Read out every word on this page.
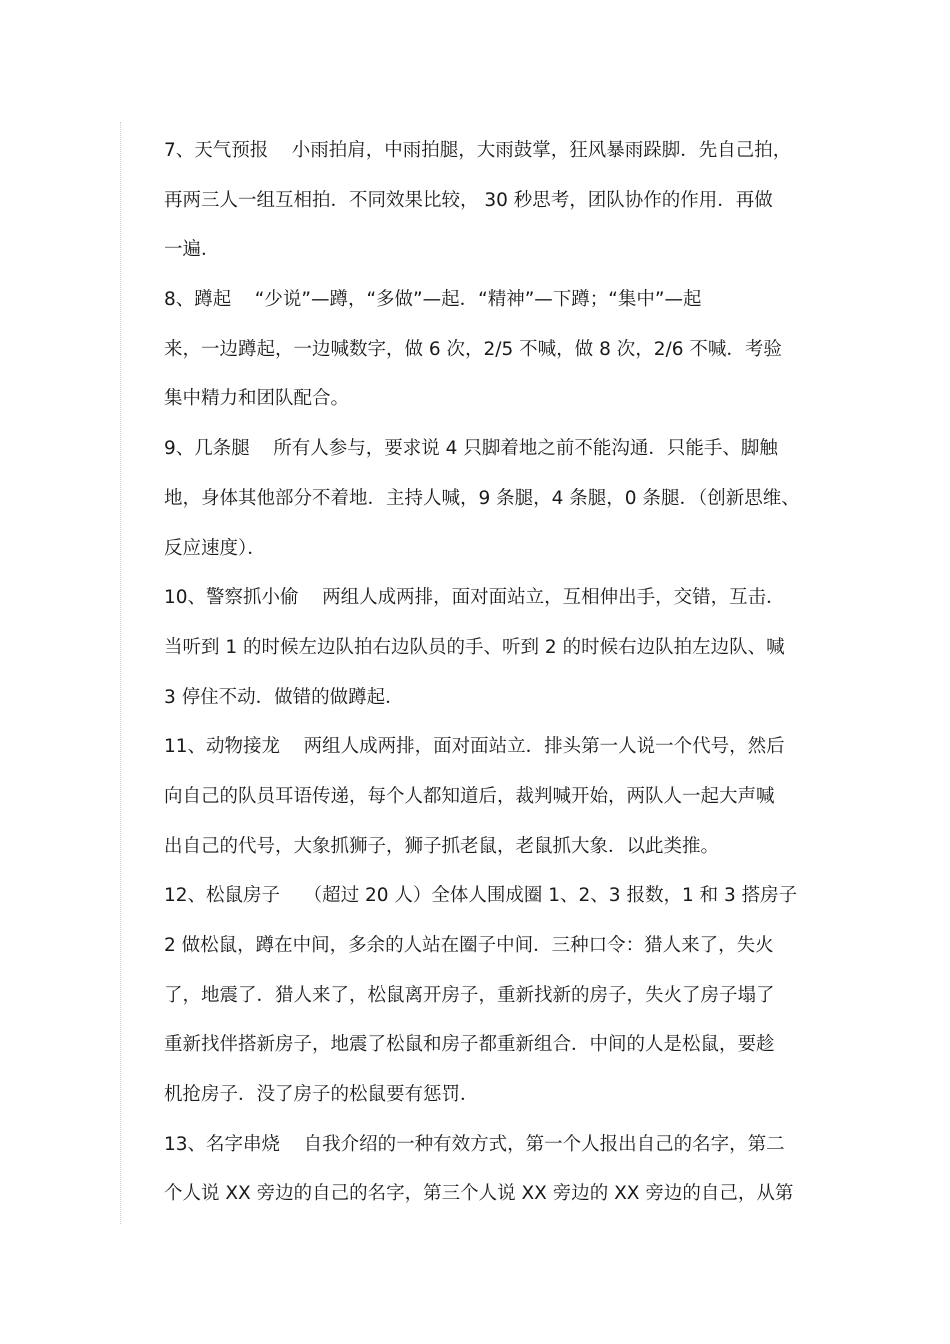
7、天气预报    小雨拍肩，中雨拍腿，大雨鼓掌，狂风暴雨跺脚．先自己拍，
再两三人一组互相拍．不同效果比较， 30 秒思考，团队协作的作用．再做
一遍．
8、蹲起    “少说”—蹲，“多做”—起．“精神”—下蹲；“集中”—起
来，一边蹲起，一边喊数字，做 6 次，2/5 不喊，做 8 次，2/6 不喊．考验
集中精力和团队配合。
9、几条腿    所有人参与，要求说 4 只脚着地之前不能沟通．只能手、脚触
地，身体其他部分不着地．主持人喊，9 条腿，4 条腿，0 条腿．（创新思维、
反应速度）．
10、警察抓小偷    两组人成两排，面对面站立，互相伸出手，交错，互击．
当听到 1 的时候左边队拍右边队员的手、听到 2 的时候右边队拍左边队、喊
3 停住不动．做错的做蹲起．
11、动物接龙    两组人成两排，面对面站立．排头第一人说一个代号，然后
向自己的队员耳语传递，每个人都知道后，裁判喊开始，两队人一起大声喊
出自己的代号，大象抓狮子，狮子抓老鼠，老鼠抓大象．以此类推。
12、松鼠房子    （超过 20 人）全体人围成圈 1、2、3 报数，1 和 3 搭房子
2 做松鼠，蹲在中间，多余的人站在圈子中间．三种口令：猎人来了，失火
了，地震了．猎人来了，松鼠离开房子，重新找新的房子，失火了房子塌了
重新找伴搭新房子，地震了松鼠和房子都重新组合．中间的人是松鼠，要趁
机抢房子．没了房子的松鼠要有惩罚．
13、名字串烧    自我介绍的一种有效方式，第一个人报出自己的名字，第二
个人说 XX 旁边的自己的名字，第三个人说 XX 旁边的 XX 旁边的自己，从第
